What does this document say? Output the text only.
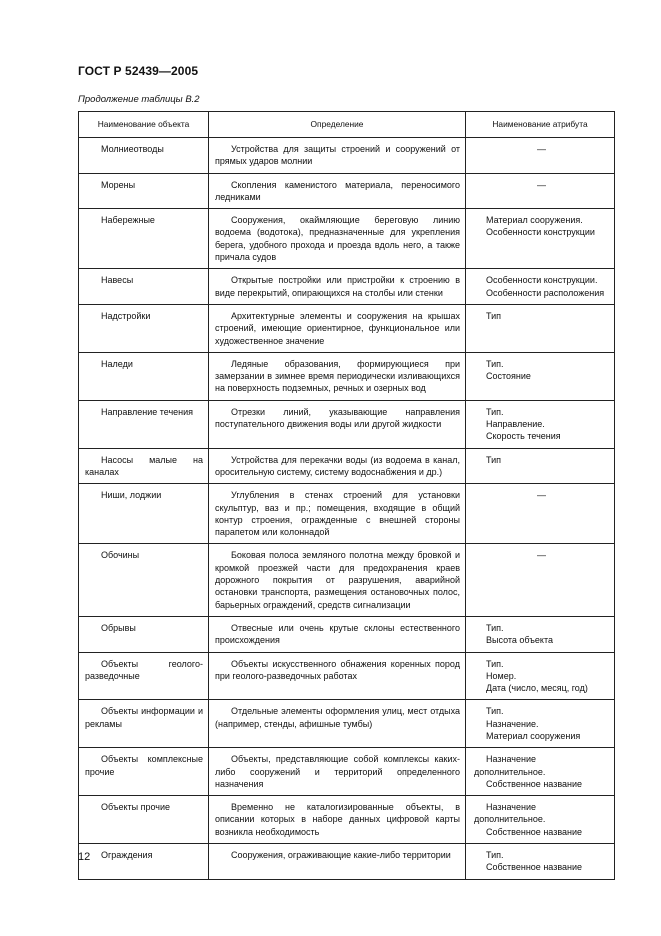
ГОСТ Р 52439—2005
Продолжение таблицы В.2
Наименование объекта	Определение	Наименование атрибута
Молниеотводы	Устройства для защиты строений и сооружений от прямых ударов молнии	—

Морены	Скопления каменистого материала, переносимого ледниками	—

Набережные	Сооружения, окаймляющие береговую линию водоема (водотока), предназначенные для укрепления берега, удобного прохода и проезда вдоль него, а также причала судов	Материал сооружения.
Особенности конструкции

Навесы	Открытые постройки или пристройки к строению в виде перекрытий, опирающихся на столбы или стенки	Особенности конструкции.
Особенности расположения

Надстройки	Архитектурные элементы и сооружения на крышах строений, имеющие ориентирное, функциональное или художественное значение	Тип

Наледи	Ледяные образования, формирующиеся при замерзании в зимнее время периодически изливающихся на поверхность подземных, речных и озерных вод	Тип.
Состояние

Направление течения	Отрезки линий, указывающие направления поступательного движения воды или другой жидкости	Тип.
Направление.
Скорость течения

Насосы малые на каналах	Устройства для перекачки воды (из водоема в канал, оросительную систему, систему водоснабжения и др.)	Тип

Ниши, лоджии	Углубления в стенах строений для установки скульптур, ваз и пр.; помещения, входящие в общий контур строения, огражденные с внешней стороны парапетом или колоннадой	—

Обочины	Боковая полоса земляного полотна между бровкой и кромкой проезжей части для предохранения краев дорожного покрытия от разрушения, аварийной остановки транспорта, размещения остановочных полос, барьерных ограждений, средств сигнализации	—

Обрывы	Отвесные или очень крутые склоны естественного происхождения	Тип.
Высота объекта

Объекты геолого-разведочные	Объекты искусственного обнажения коренных пород при геолого-разведочных работах	Тип.
Номер.
Дата (число, месяц, год)

Объекты информации и рекламы	Отдельные элементы оформления улиц, мест отдыха (например, стенды, афишные тумбы)	Тип.
Назначение.
Материал сооружения

Объекты комплексные прочие	Объекты, представляющие собой комплексы каких-либо сооружений и территорий определенного назначения	Назначение дополнительное.
Собственное название

Объекты прочие	Временно не каталогизированные объекты, в описании которых в наборе данных цифровой карты возникла необходимость	Назначение дополнительное.
Собственное название

Ограждения	Сооружения, ограживающие какие-либо территории	Тип.
Собственное название
12
